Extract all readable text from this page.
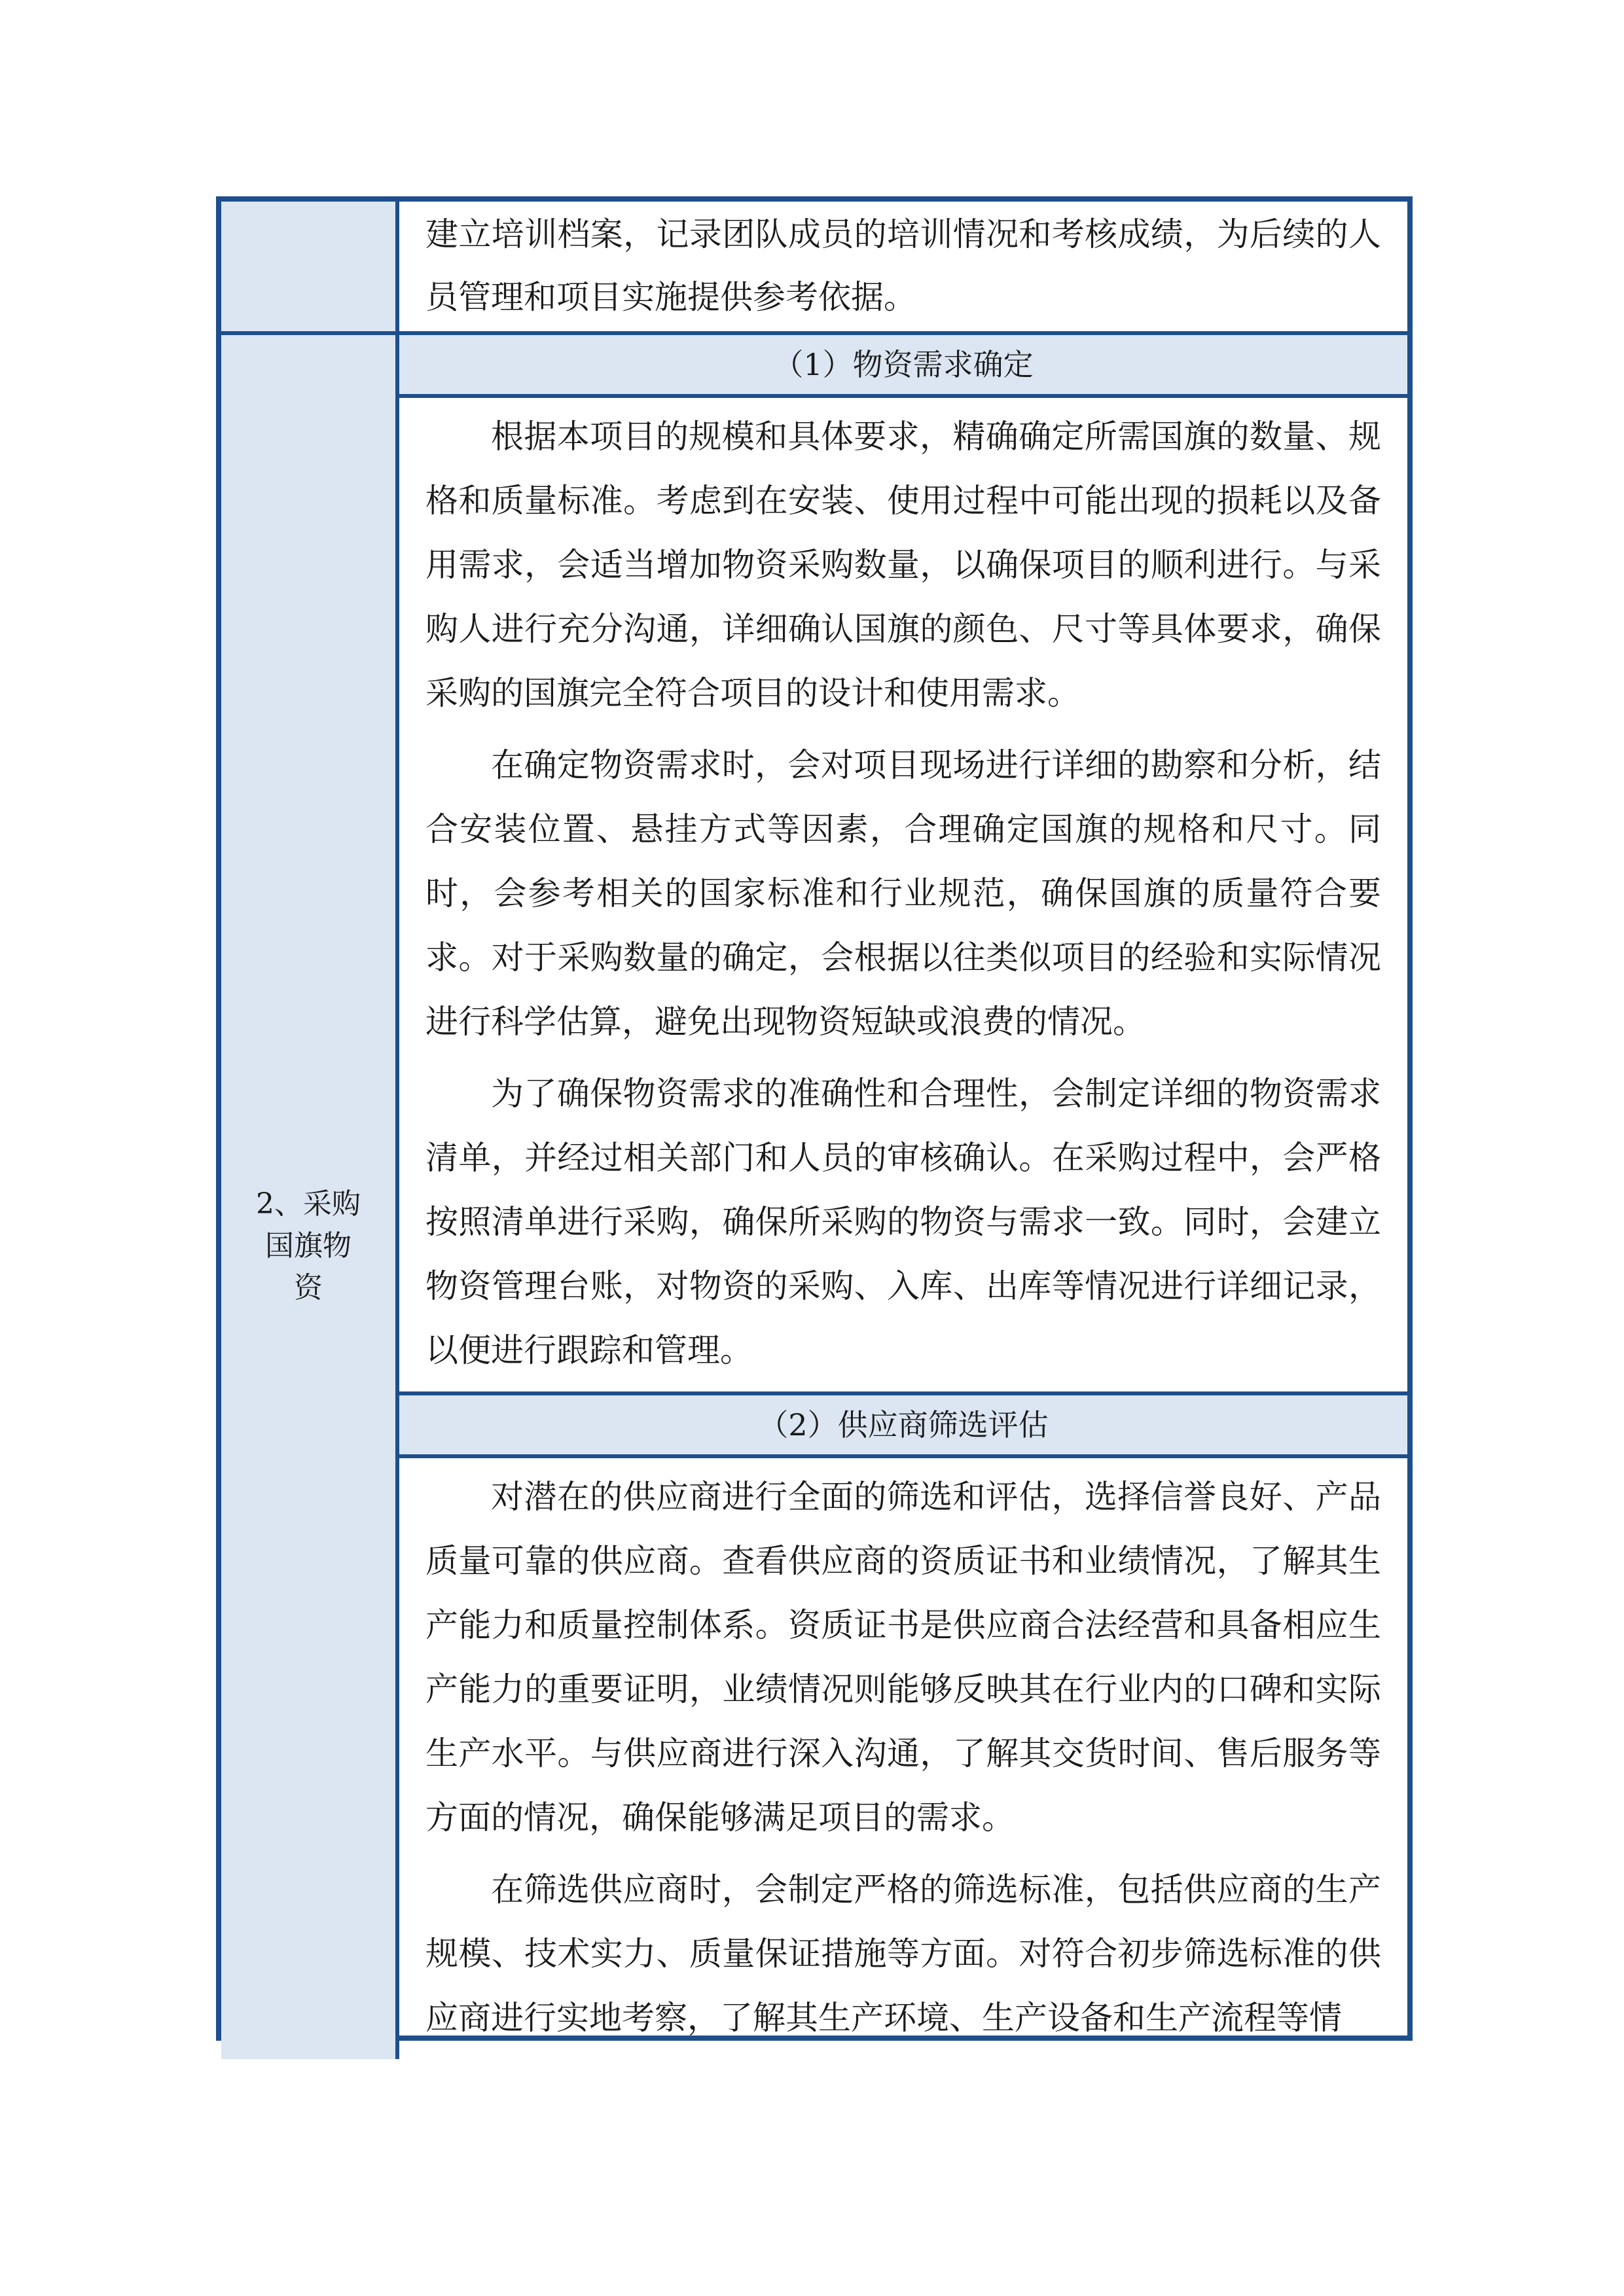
建立培训档案，记录团队成员的培训情况和考核成绩，为后续的人员管理和项目实施提供参考依据。

2、采购国旗物资
（1）物资需求确定

根据本项目的规模和具体要求，精确确定所需国旗的数量、规格和质量标准。考虑到在安装、使用过程中可能出现的损耗以及备用需求，会适当增加物资采购数量，以确保项目的顺利进行。与采购人进行充分沟通，详细确认国旗的颜色、尺寸等具体要求，确保采购的国旗完全符合项目的设计和使用需求。

在确定物资需求时，会对项目现场进行详细的勘察和分析，结合安装位置、悬挂方式等因素，合理确定国旗的规格和尺寸。同时，会参考相关的国家标准和行业规范，确保国旗的质量符合要求。对于采购数量的确定，会根据以往类似项目的经验和实际情况进行科学估算，避免出现物资短缺或浪费的情况。

为了确保物资需求的准确性和合理性，会制定详细的物资需求清单，并经过相关部门和人员的审核确认。在采购过程中，会严格按照清单进行采购，确保所采购的物资与需求一致。同时，会建立物资管理台账，对物资的采购、入库、出库等情况进行详细记录，以便进行跟踪和管理。

（2）供应商筛选评估

对潜在的供应商进行全面的筛选和评估，选择信誉良好、产品质量可靠的供应商。查看供应商的资质证书和业绩情况，了解其生产能力和质量控制体系。资质证书是供应商合法经营和具备相应生产能力的重要证明，业绩情况则能够反映其在行业内的口碑和实际生产水平。与供应商进行深入沟通，了解其交货时间、售后服务等方面的情况，确保能够满足项目的需求。

在筛选供应商时，会制定严格的筛选标准，包括供应商的生产规模、技术实力、质量保证措施等方面。对符合初步筛选标准的供应商进行实地考察，了解其生产环境、生产设备和生产流程等情
